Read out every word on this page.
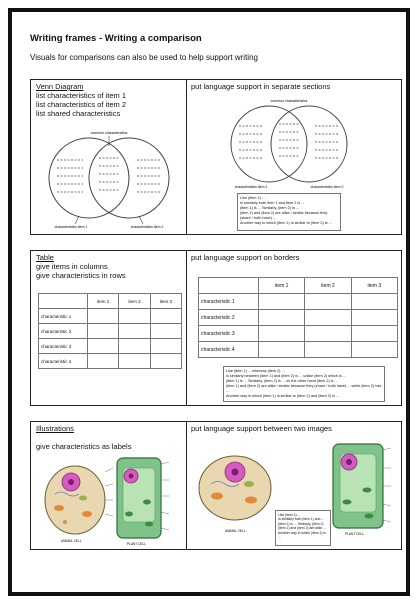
Writing frames - Writing a comparison
Visuals for comparisons can also be used to help support writing
Venn Diagram
list characteristics of item 1
list characteristics of item 2
list shared characteristics
common characteristics
characteristics item 1	characteristics item 2
put language support in separate sections
common characteristics
characteristics item 1	characteristics item 2
Like (item 1) ...
Is similarly both item 1 and item 2 is ...
(item 1) is ... Similarly, (item 2) is ...
(item 1) and (item 2) are alike / similar because they (share / both have) ...
Another way in which (item 1) is similar to (item 2) is ...
Table
give items in columns
give characteristics in rows
	item 1	item 2	item 3
characteristic 1			
characteristic 2			
characteristic 3			
characteristic 4			
put language support on borders
	item 1	item 2	item 3
characteristic 1			
characteristic 2			
characteristic 3			
characteristic 4			
Like (item 1) ... whereas (item 2) ...
is similarly between (item 1) and (item 2) is ... unlike (item 2) which is ...
(item 1) is ... Similarly, (item 2) is ... on the other hand (item 2) is ...
(item 1) and (item 2) are alike / similar because they (share / both have) ... while (item 2) has ...
Another way in which (item 1) is similar to (item 2) and (item 2) is ...
Illustrations
give characteristics as labels
ANIMAL CELL
PLANT CELL
put language support between two images
ANIMAL CELL
PLANT CELL
Like (item 1) ...
Is similarly both (item 1) and ...
(item 1) is ... Similarly, (item 2)
(item 1) and (item 2) are alike ...
Another way in which (item 1) is ...
